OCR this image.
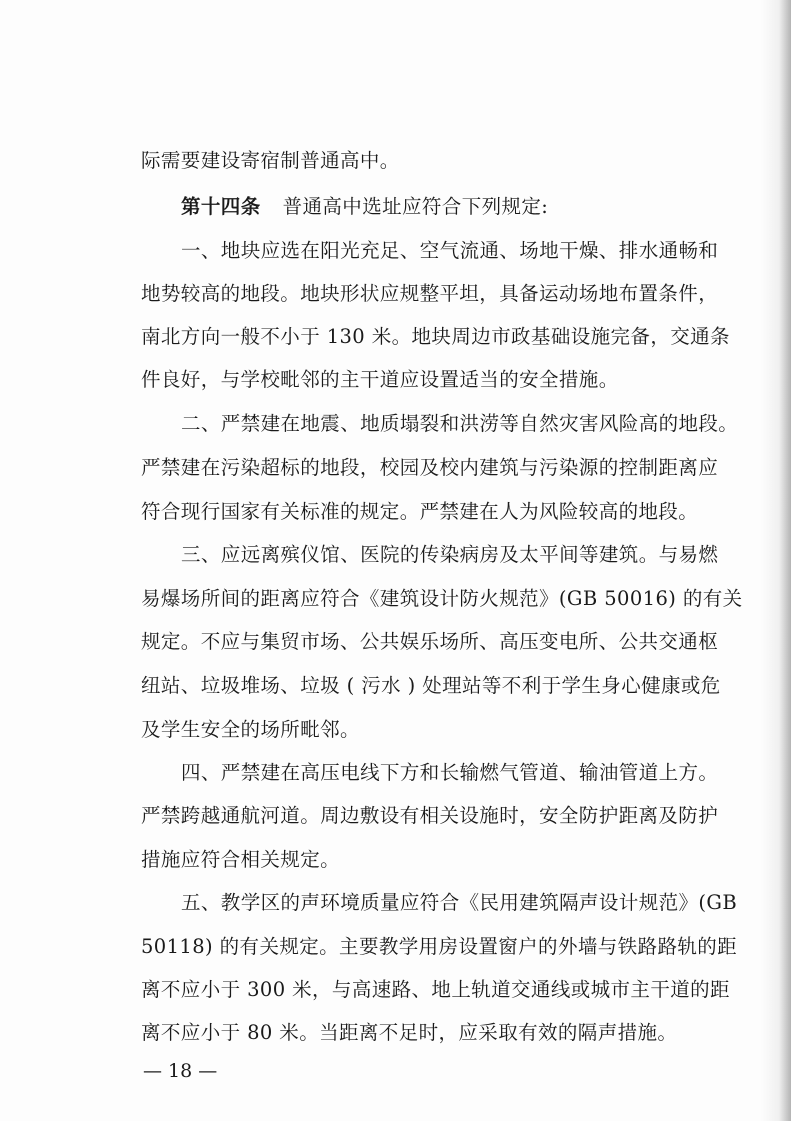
际需要建设寄宿制普通高中。
第十四条 普通高中选址应符合下列规定:
一、地块应选在阳光充足、空气流通、场地干燥、排水通畅和
地势较高的地段。地块形状应规整平坦，具备运动场地布置条件，
南北方向一般不小于 130 米。地块周边市政基础设施完备，交通条
件良好，与学校毗邻的主干道应设置适当的安全措施。
二、严禁建在地震、地质塌裂和洪涝等自然灾害风险高的地段。
严禁建在污染超标的地段，校园及校内建筑与污染源的控制距离应
符合现行国家有关标准的规定。严禁建在人为风险较高的地段。
三、应远离殡仪馆、医院的传染病房及太平间等建筑。与易燃
易爆场所间的距离应符合《建筑设计防火规范》(GB 50016) 的有关
规定。不应与集贸市场、公共娱乐场所、高压变电所、公共交通枢
纽站、垃圾堆场、垃圾 ( 污水 ) 处理站等不利于学生身心健康或危
及学生安全的场所毗邻。
四、严禁建在高压电线下方和长输燃气管道、输油管道上方。
严禁跨越通航河道。周边敷设有相关设施时，安全防护距离及防护
措施应符合相关规定。
五、教学区的声环境质量应符合《民用建筑隔声设计规范》(GB
50118) 的有关规定。主要教学用房设置窗户的外墙与铁路路轨的距
离不应小于 300 米，与高速路、地上轨道交通线或城市主干道的距
离不应小于 80 米。当距离不足时，应采取有效的隔声措施。
— 18 —
